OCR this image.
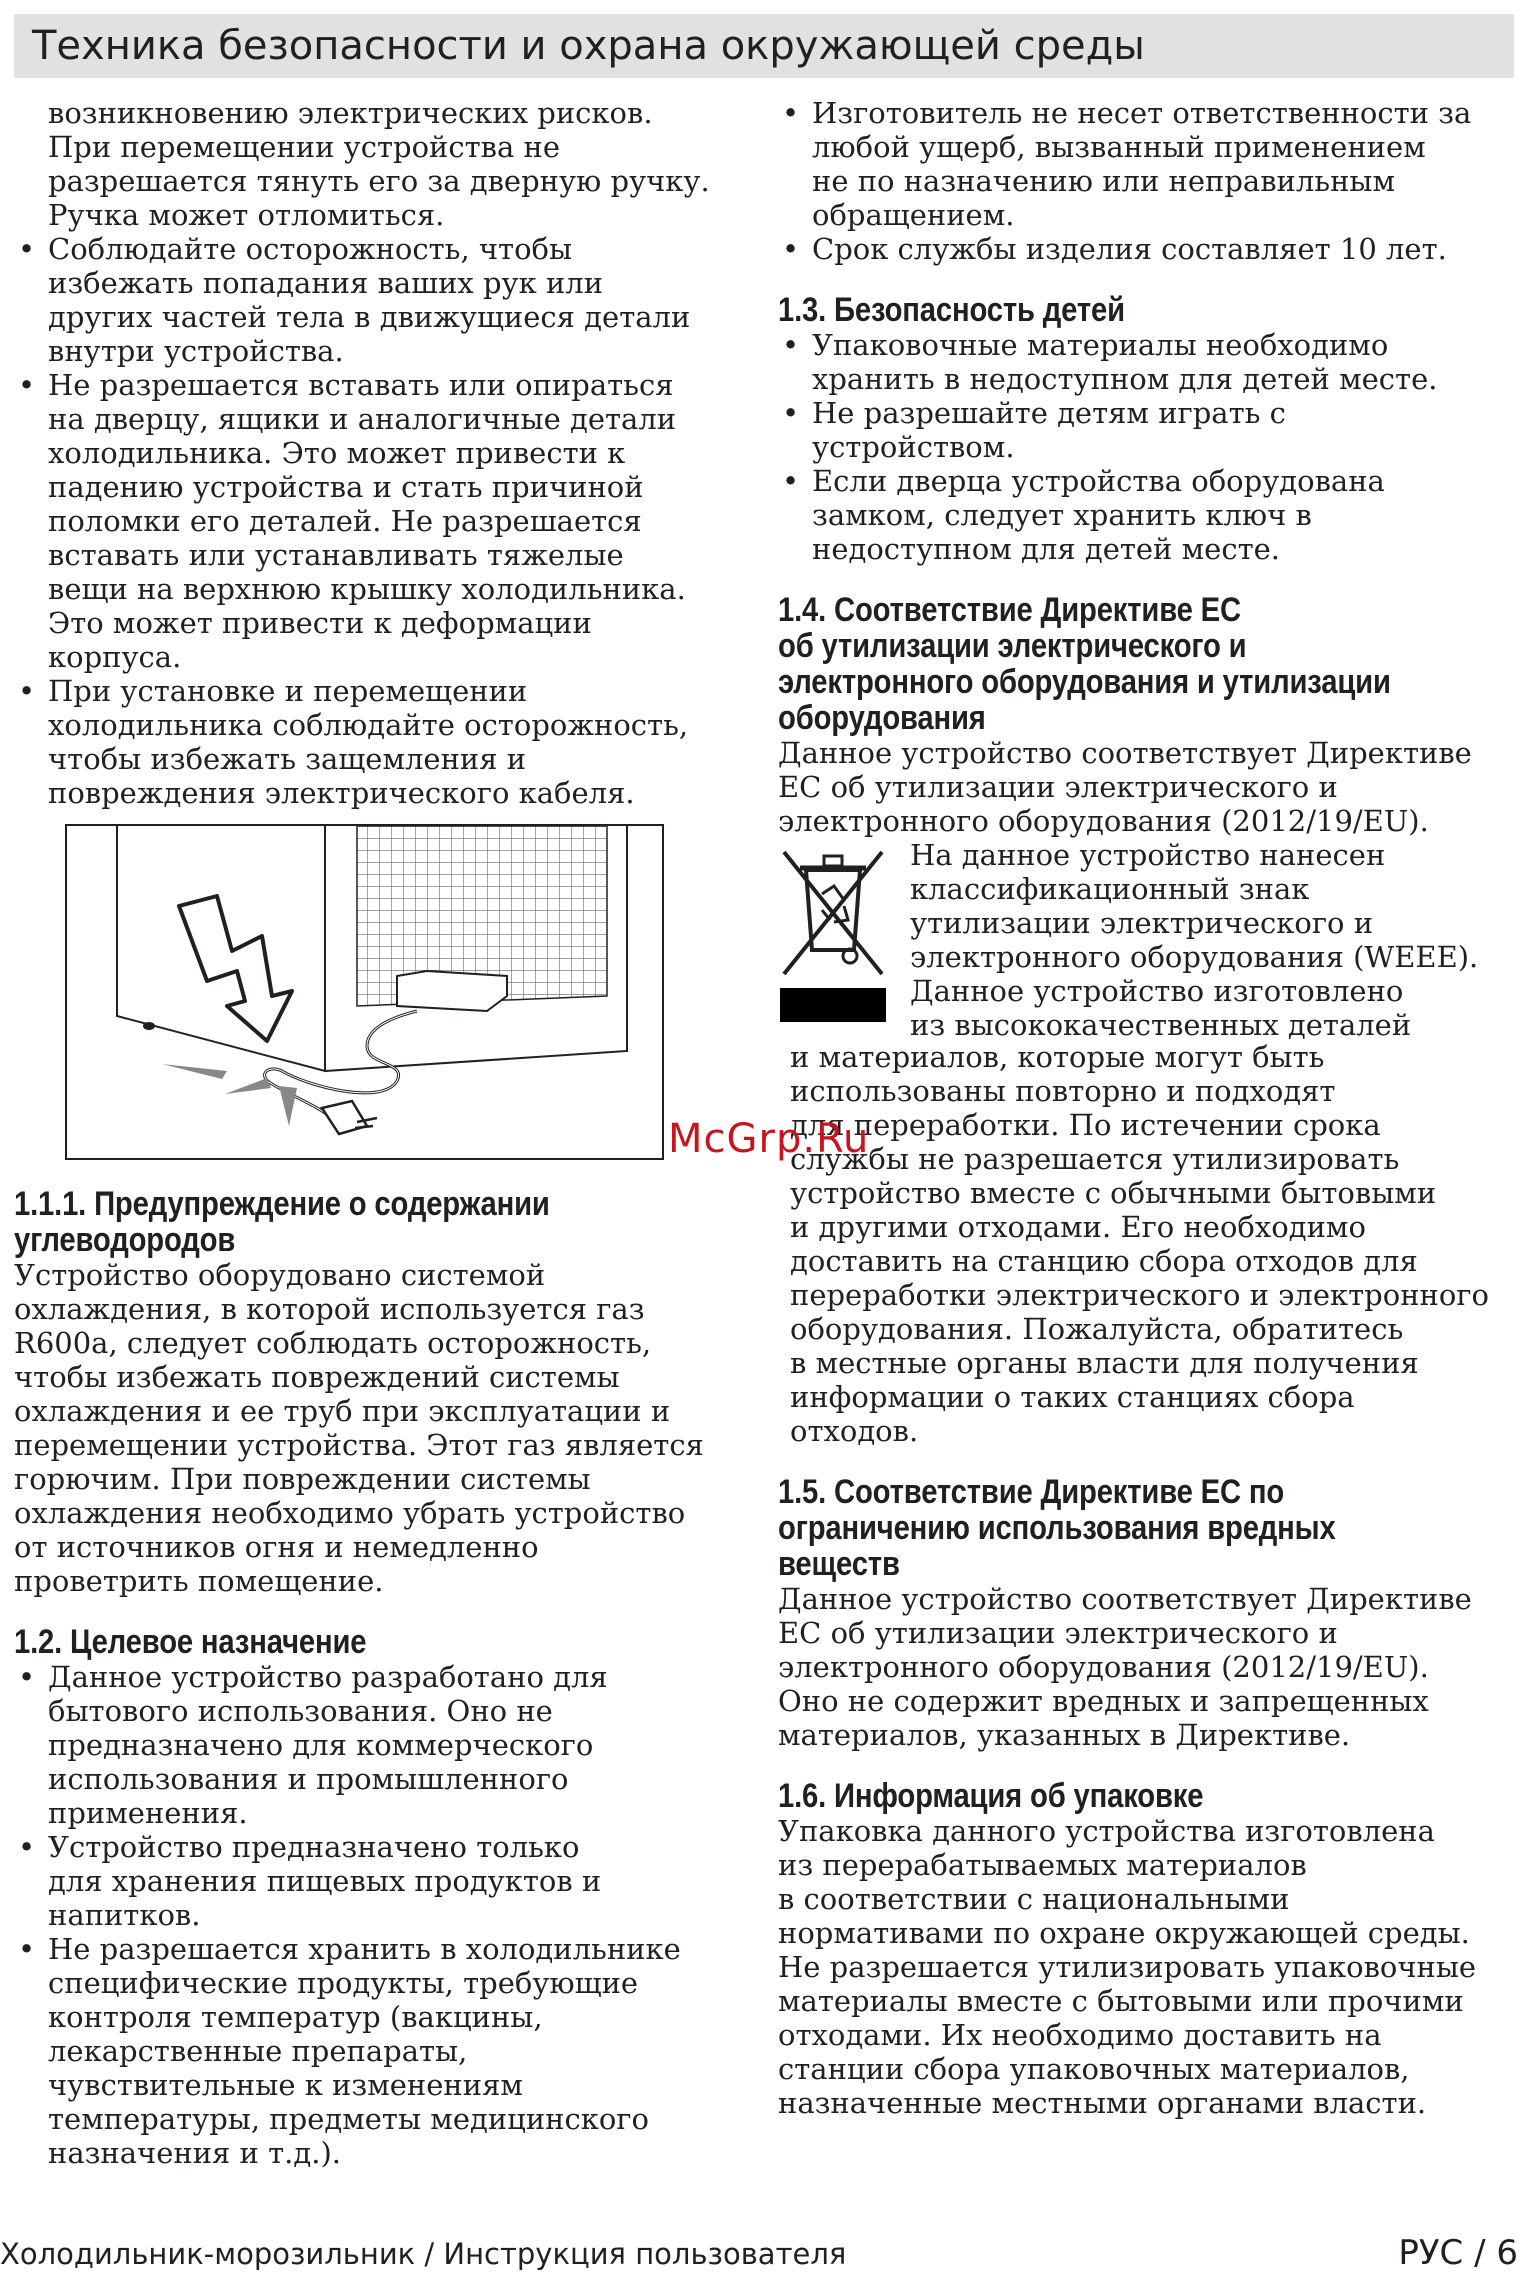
Техника безопасности и охрана окружающей среды
возникновению электрических рисков.
При перемещении устройства не
разрешается тянуть его за дверную ручку.
Ручка может отломиться.
• Соблюдайте осторожность, чтобы
избежать попадания ваших рук или
других частей тела в движущиеся детали
внутри устройства.
• Не разрешается вставать или опираться
на дверцу, ящики и аналогичные детали
холодильника. Это может привести к
падению устройства и стать причиной
поломки его деталей. Не разрешается
вставать или устанавливать тяжелые
вещи на верхнюю крышку холодильника.
Это может привести к деформации
корпуса.
• При установке и перемещении
холодильника соблюдайте осторожность,
чтобы избежать защемления и
повреждения электрического кабеля.
1.1.1. Предупреждение о содержании
углеводородов
Устройство оборудовано системой
охлаждения, в которой используется газ
R600a, следует соблюдать осторожность,
чтобы избежать повреждений системы
охлаждения и ее труб при эксплуатации и
перемещении устройства. Этот газ является
горючим. При повреждении системы
охлаждения необходимо убрать устройство
от источников огня и немедленно
проветрить помещение.
1.2. Целевое назначение
• Данное устройство разработано для
бытового использования. Оно не
предназначено для коммерческого
использования и промышленного
применения.
• Устройство предназначено только
для хранения пищевых продуктов и
напитков.
• Не разрешается хранить в холодильнике
специфические продукты, требующие
контроля температур (вакцины,
лекарственные препараты,
чувствительные к изменениям
температуры, предметы медицинского
назначения и т.д.).
• Изготовитель не несет ответственности за
любой ущерб, вызванный применением
не по назначению или неправильным
обращением.
• Срок службы изделия составляет 10 лет.
1.3. Безопасность детей
• Упаковочные материалы необходимо
хранить в недоступном для детей месте.
• Не разрешайте детям играть с
устройством.
• Если дверца устройства оборудована
замком, следует хранить ключ в
недоступном для детей месте.
1.4. Соответствие Директиве ЕС
об утилизации электрического и
электронного оборудования и утилизации
оборудования
Данное устройство соответствует Директиве
ЕС об утилизации электрического и
электронного оборудования (2012/19/EU).
На данное устройство нанесен
классификационный знак
утилизации электрического и
электронного оборудования (WEEE).
Данное устройство изготовлено
из высококачественных деталей
и материалов, которые могут быть
использованы повторно и подходят
для переработки. По истечении срока
службы не разрешается утилизировать
устройство вместе с обычными бытовыми
и другими отходами. Его необходимо
доставить на станцию сбора отходов для
переработки электрического и электронного
оборудования. Пожалуйста, обратитесь
в местные органы власти для получения
информации о таких станциях сбора
отходов.
1.5. Соответствие Директиве ЕС по
ограничению использования вредных
веществ
Данное устройство соответствует Директиве
ЕС об утилизации электрического и
электронного оборудования (2012/19/EU).
Оно не содержит вредных и запрещенных
материалов, указанных в Директиве.
1.6. Информация об упаковке
Упаковка данного устройства изготовлена
из перерабатываемых материалов
в соответствии с национальными
нормативами по охране окружающей среды.
Не разрешается утилизировать упаковочные
материалы вместе с бытовыми или прочими
отходами. Их необходимо доставить на
станции сбора упаковочных материалов,
назначенные местными органами власти.
McGrp.Ru
Холодильник-морозильник / Инструкция пользователя	РУС / 6
